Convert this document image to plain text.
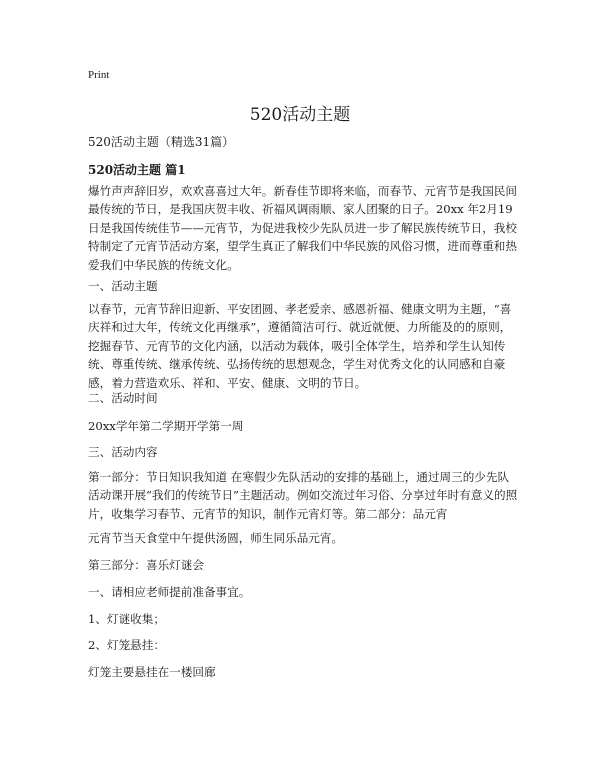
Print
520活动主题
520活动主题（精选31篇）
520活动主题 篇1

爆竹声声辞旧岁，欢欢喜喜过大年。新春佳节即将来临，而春节、元宵节是我国民间最传统的节日，是我国庆贺丰收、祈福风调雨顺、家人团聚的日子。20xx 年2月19日是我国传统佳节——元宵节，为促进我校少先队员进一步了解民族传统节日，我校特制定了元宵节活动方案，望学生真正了解我们中华民族的风俗习惯，进而尊重和热爱我们中华民族的传统文化。

一、活动主题

以春节，元宵节辞旧迎新、平安团圆、孝老爱亲、感恩祈福、健康文明为主题，“喜庆祥和过大年，传统文化再继承”，遵循简洁可行、就近就便、力所能及的的原则，挖掘春节、元宵节的文化内涵，以活动为载体，吸引全体学生，培养和学生认知传统、尊重传统、继承传统、弘扬传统的思想观念，学生对优秀文化的认同感和自豪感，着力营造欢乐、祥和、平安、健康、文明的节日。

二、活动时间
20xx学年第二学期开学第一周
三、活动内容

第一部分：节日知识我知道 在寒假少先队活动的安排的基础上，通过周三的少先队活动课开展“我们的传统节日”主题活动。例如交流过年习俗、分享过年时有意义的照片，收集学习春节、元宵节的知识，制作元宵灯等。第二部分：品元宵

元宵节当天食堂中午提供汤圆，师生同乐品元宵。
第三部分：喜乐灯谜会
一、请相应老师提前准备事宜。
1、灯谜收集；
2、灯笼悬挂：
灯笼主要悬挂在一楼回廊
